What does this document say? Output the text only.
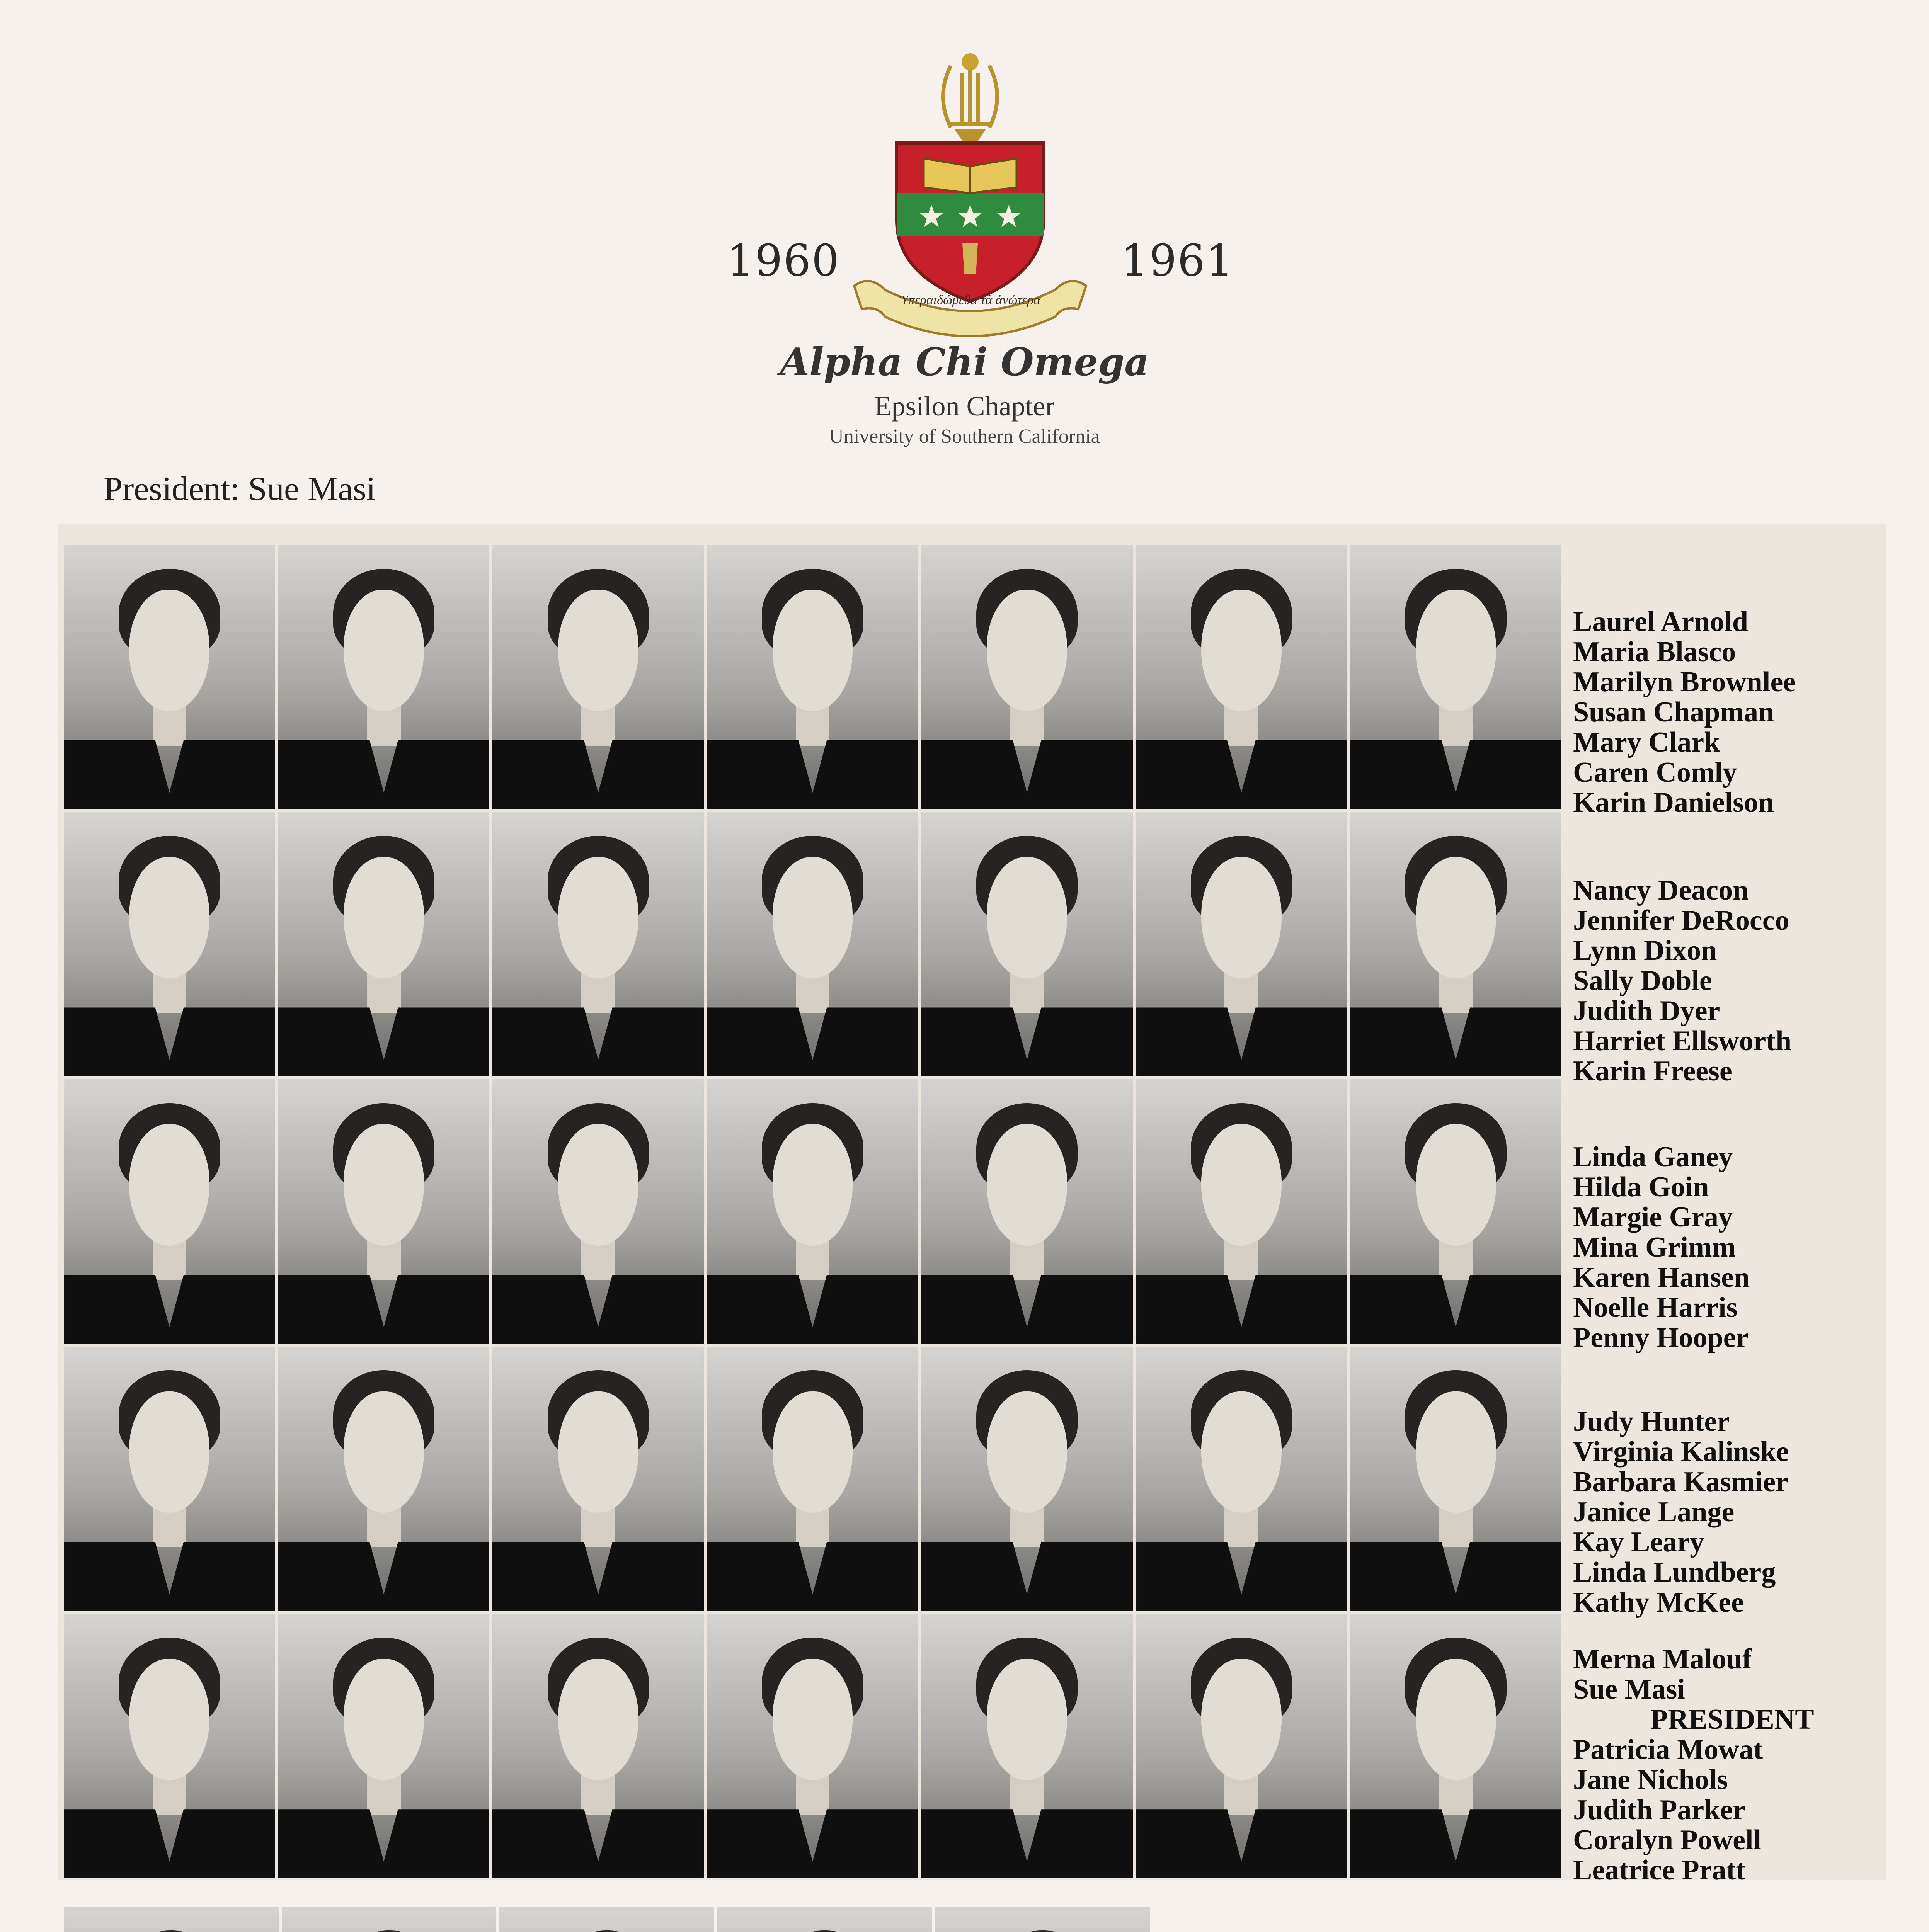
1960	1961
Ὑπεραιδώμεθα τά ἀνώτερα
Alpha Chi Omega
Epsilon Chapter
University of Southern California
President: Sue Masi
Laurel Arnold
Maria Blasco
Marilyn Brownlee
Susan Chapman
Mary Clark
Caren Comly
Karin Danielson
Nancy Deacon
Jennifer DeRocco
Lynn Dixon
Sally Doble
Judith Dyer
Harriet Ellsworth
Karin Freese
Linda Ganey
Hilda Goin
Margie Gray
Mina Grimm
Karen Hansen
Noelle Harris
Penny Hooper
Judy Hunter
Virginia Kalinske
Barbara Kasmier
Janice Lange
Kay Leary
Linda Lundberg
Kathy McKee
Merna Malouf
Sue Masi
PRESIDENT
Patricia Mowat
Jane Nichols
Judith Parker
Coralyn Powell
Leatrice Pratt
